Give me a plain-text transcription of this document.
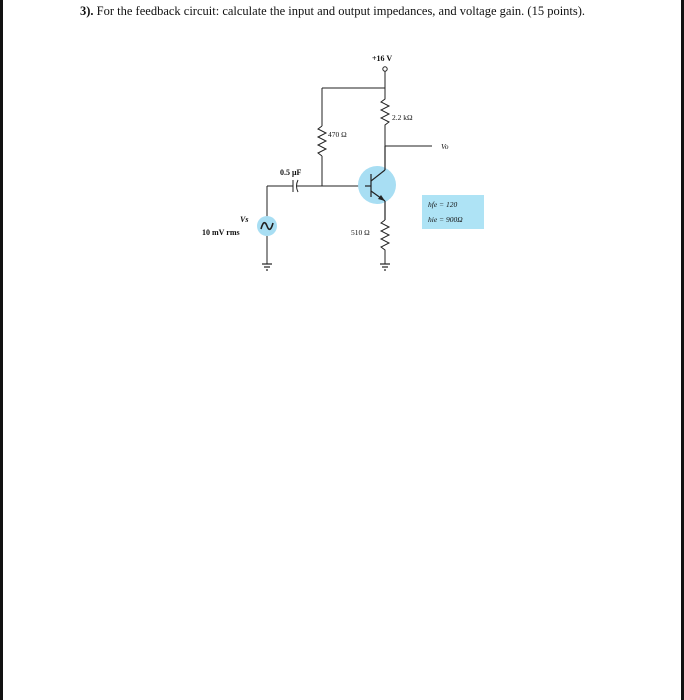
3). For the feedback circuit: calculate the input and output impedances, and voltage gain. (15 points).
+16 V
2.2 kΩ
470 Ω
Vo
0.5 μF
Vs
10 mV rms	510 Ω
hfe = 120
hie = 900Ω
